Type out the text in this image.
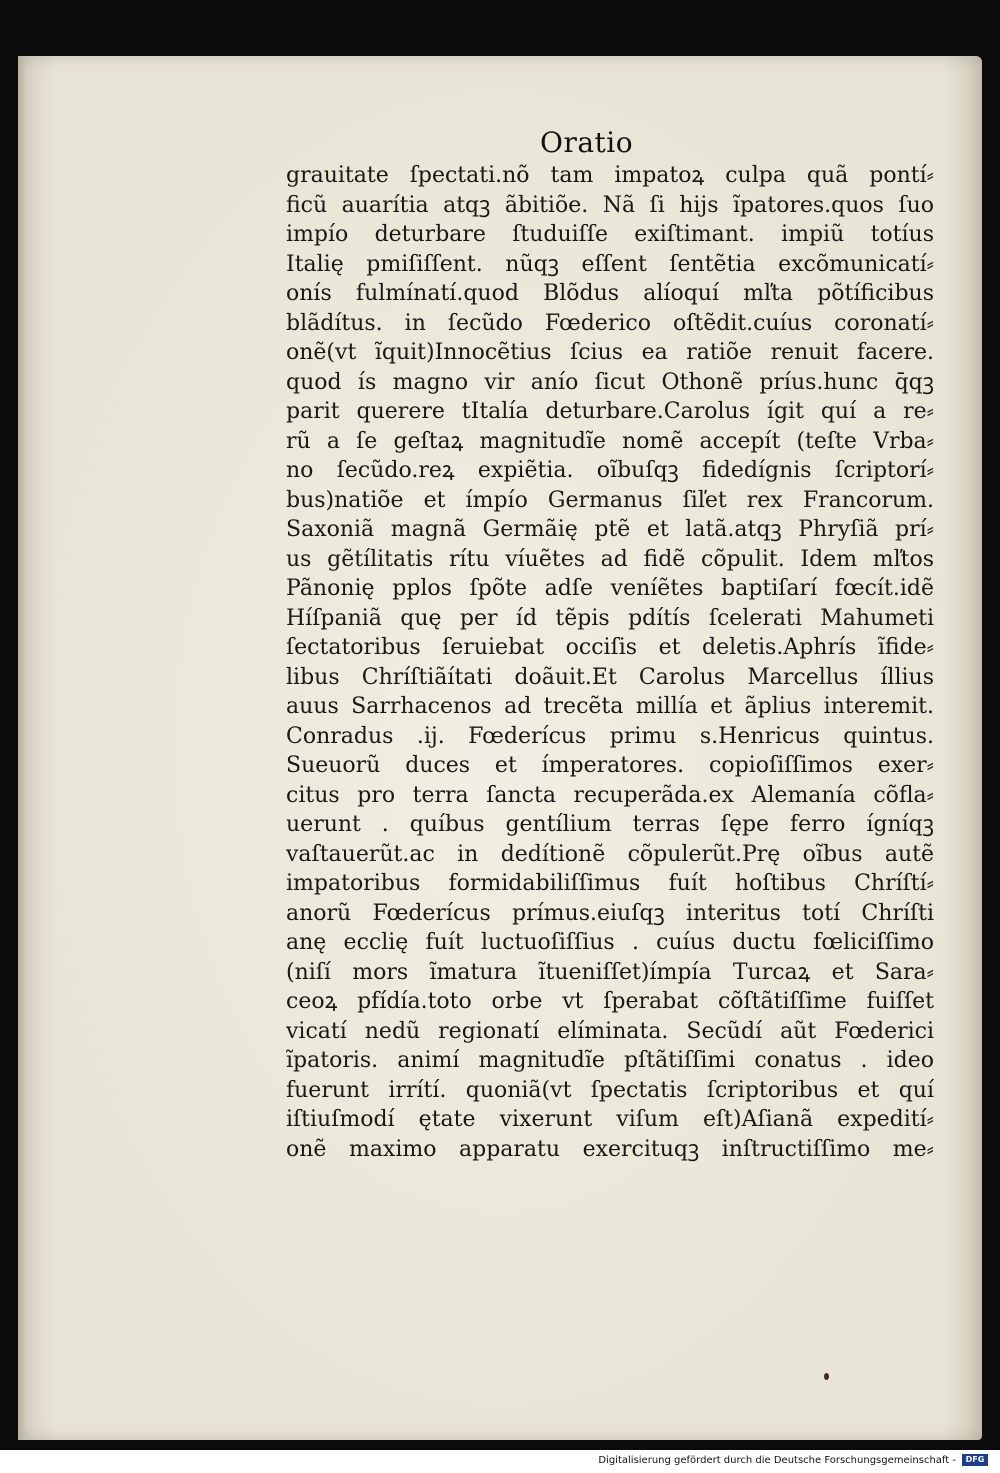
Oratio
grauitate ſpectati.nõ tam impatoꝝ culpa quã pontí⸗
ficũ auarítia atqꝫ ãbitiõe. Nã ſi hijs ĩpatores.quos ſuo
impío deturbare ſtuduiſſe exiſtimant. impiũ totíus
Italię pmiſiſſent. nũqꝫ eſſent ſentẽtia excõmunicatí⸗
onís fulmínatí.quod Blõdus alíoquí mľta põtíficibus
blãdítus. in ſecũdo Fœderico oſtẽdit.cuíus coronatí⸗
onẽ(vt ĩquit)Innocẽtius ſcius ea ratiõe renuit facere.
quod ís magno vir anío ſicut Othonẽ príus.hunc q̄qꝫ
parit querere tItalía deturbare.Carolus ígit quí a re⸗
rũ a ſe geſtaꝝ magnitudĩe nomẽ accepít (teſte Vrba⸗
no ſecũdo.reꝝ expiẽtia. oĩbuſqꝫ fidedígnis ſcriptorí⸗
bus)natiõe et ímpío Germanus ſiľet rex Francorum.
Saxoniã magnã Germãię ptẽ et latã.atqꝫ Phryſiã prí⸗
us gẽtílitatis rítu víuẽtes ad fidẽ cõpulit. Idem mľtos
Pãnonię pplos ſpõte adſe veníẽtes baptiſarí fœcít.idẽ
Híſpaniã quę per íd tẽpis pdítís ſcelerati Mahumeti
ſectatoribus ſeruiebat occiſis et deletis.Aphrís ĩfide⸗
libus Chríſtiãítati doãuit.Et Carolus Marcellus íllius
auus Sarrhacenos ad trecẽta millía et ãplius interemit.
Conradus .ij. Fœderícus primu s.Henricus quintus.
Sueuorũ duces et ímperatores. copioſiſſimos exer⸗
citus pro terra ſancta recuperãda.ex Alemanía cõfla⸗
uerunt . quíbus gentílium terras ſępe ferro ígníqꝫ
vaſtauerũt.ac in dedítionẽ cõpulerũt.Prę oĩbus autẽ
impatoribus formidabiliſſimus fuít hoſtibus Chríſtí⸗
anorũ Fœderícus prímus.eiuſqꝫ interitus totí Chríſti
anę ecclię fuít luctuoſiſſius . cuíus ductu fœliciſſimo
(niſí mors ĩmatura ĩtueniſſet)ímpía Turcaꝝ et Sara⸗
ceoꝝ pfídía.toto orbe vt ſperabat cõſtãtiſſime fuiſſet
vicatí nedũ regionatí elíminata. Secũdí aũt Fœderici
ĩpatoris. animí magnitudĩe pſtãtiſſimi conatus . ideo
fuerunt irrítí. quoniã(vt ſpectatis ſcriptoribus et quí
iſtiuſmodí ętate vixerunt viſum eſt)Aſianã expedití⸗
onẽ maximo apparatu exercituqꝫ inſtructiſſimo me⸗
Digitalisierung gefördert durch die Deutsche Forschungsgemeinschaft -	DFG
